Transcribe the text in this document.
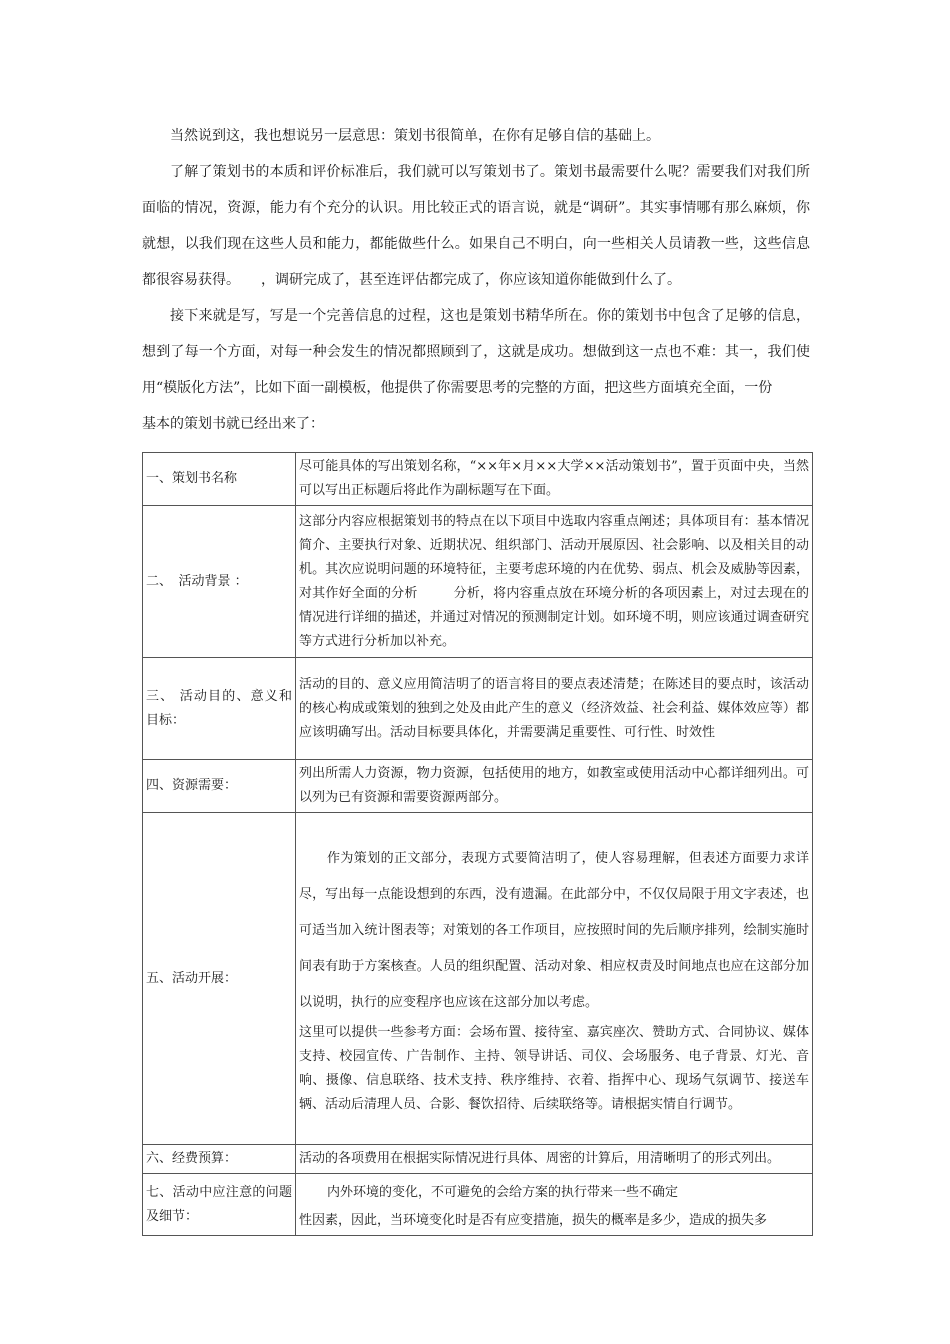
当然说到这，我也想说另一层意思：策划书很简单，在你有足够自信的基础上。

了解了策划书的本质和评价标准后，我们就可以写策划书了。策划书最需要什么呢？需要我们对我们所面临的情况，资源，能力有个充分的认识。用比较正式的语言说，就是“调研”。其实事情哪有那么麻烦，你就想，以我们现在这些人员和能力，都能做些什么。如果自己不明白，向一些相关人员请教一些，这些信息都很容易获得。　　，调研完成了，甚至连评估都完成了，你应该知道你能做到什么了。

接下来就是写，写是一个完善信息的过程，这也是策划书精华所在。你的策划书中包含了足够的信息，想到了每一个方面，对每一种会发生的情况都照顾到了，这就是成功。想做到这一点也不难：其一，我们使用“模版化方法”，比如下面一副模板，他提供了你需要思考的完整的方面，把这些方面填充全面，一份

基本的策划书就已经出来了：

一、策划书名称	尽可能具体的写出策划名称，“××年×月××大学××活动策划书”，置于页面中央，当然可以写出正标题后将此作为副标题写在下面。
二、　活动背景 ：	这部分内容应根据策划书的特点在以下项目中选取内容重点阐述；具体项目有：基本情况简介、主要执行对象、近期状况、组织部门、活动开展原因、社会影响、以及相关目的动机。其次应说明问题的环境特征，主要考虑环境的内在优势、弱点、机会及威胁等因素，对其作好全面的分析 分析，将内容重点放在环境分析的各项因素上，对过去现在的情况进行详细的描述，并通过对情况的预测制定计划。如环境不明，则应该通过调查研究等方式进行分析加以补充。
三、 活动目的、意义和目标：	活动的目的、意义应用简洁明了的语言将目的要点表述清楚；在陈述目的要点时，该活动的核心构成或策划的独到之处及由此产生的意义（经济效益、社会利益、媒体效应等）都应该明确写出。活动目标要具体化，并需要满足重要性、可行性、时效性
四、资源需要：	列出所需人力资源，物力资源，包括使用的地方，如教室或使用活动中心都详细列出。可以列为已有资源和需要资源两部分。
五、活动开展：	作为策划的正文部分，表现方式要简洁明了，使人容易理解，但表述方面要力求详尽，写出每一点能设想到的东西，没有遗漏。在此部分中，不仅仅局限于用文字表述，也可适当加入统计图表等；对策划的各工作项目，应按照时间的先后顺序排列，绘制实施时间表有助于方案核查。人员的组织配置、活动对象、相应权责及时间地点也应在这部分加以说明，执行的应变程序也应该在这部分加以考虑。
这里可以提供一些参考方面：会场布置、接待室、嘉宾座次、赞助方式、合同协议、媒体支持、校园宣传、广告制作、主持、领导讲话、司仪、会场服务、电子背景、灯光、音响、摄像、信息联络、技术支持、秩序维持、衣着、指挥中心、现场气氛调节、接送车辆、活动后清理人员、合影、餐饮招待、后续联络等。请根据实情自行调节。

六、经费预算：	活动的各项费用在根据实际情况进行具体、周密的计算后，用清晰明了的形式列出。
七、活动中应注意的问题及细节：	内外环境的变化，不可避免的会给方案的执行带来一些不确定
性因素，因此，当环境变化时是否有应变措施，损失的概率是多少，造成的损失多
